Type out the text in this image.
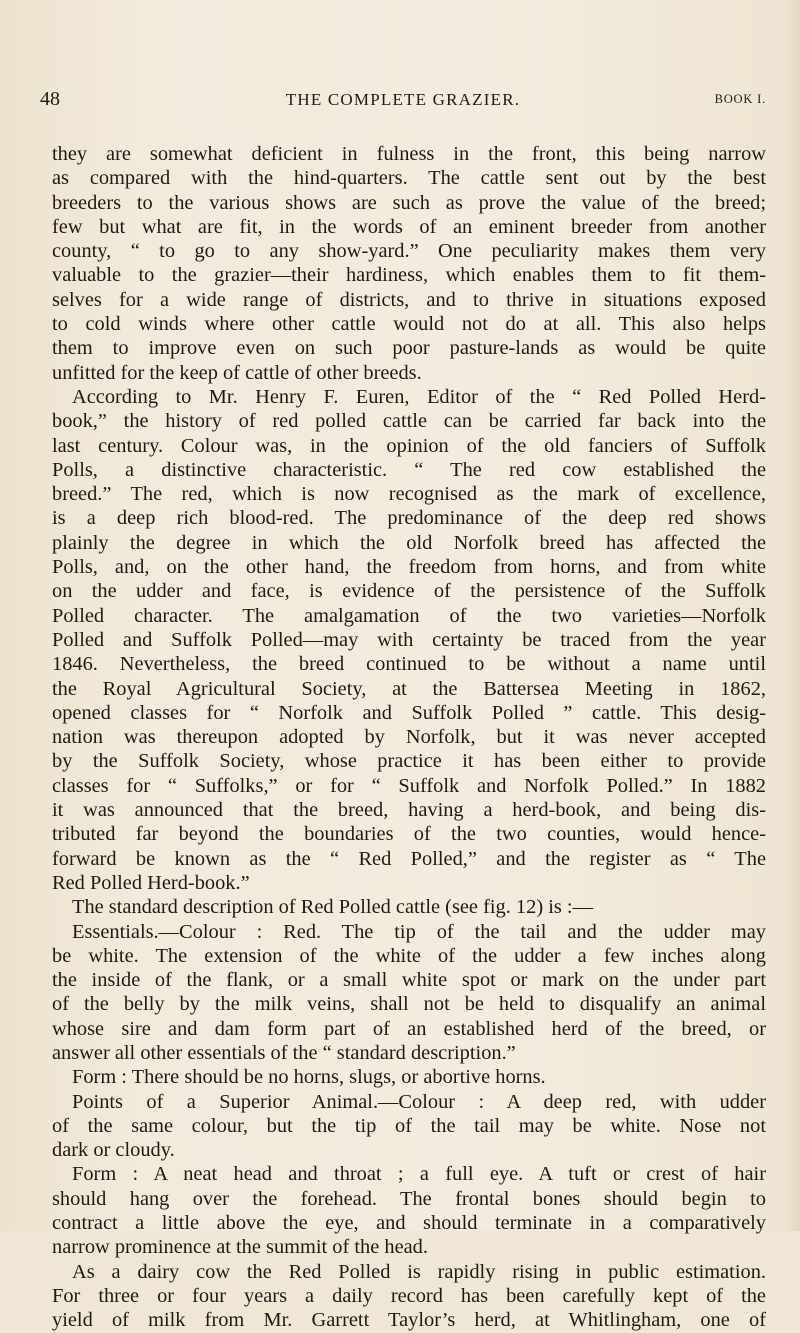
48	THE COMPLETE GRAZIER.	BOOK I.
they are somewhat deficient in fulness in the front, this being narrow
as compared with the hind-quarters. The cattle sent out by the best
breeders to the various shows are such as prove the value of the breed;
few but what are fit, in the words of an eminent breeder from another
county, “ to go to any show-yard.” One peculiarity makes them very
valuable to the grazier—their hardiness, which enables them to fit them-
selves for a wide range of districts, and to thrive in situations exposed
to cold winds where other cattle would not do at all. This also helps
them to improve even on such poor pasture-lands as would be quite
unfitted for the keep of cattle of other breeds.
According to Mr. Henry F. Euren, Editor of the “ Red Polled Herd-
book,” the history of red polled cattle can be carried far back into the
last century. Colour was, in the opinion of the old fanciers of Suffolk
Polls, a distinctive characteristic. “ The red cow established the
breed.” The red, which is now recognised as the mark of excellence,
is a deep rich blood-red. The predominance of the deep red shows
plainly the degree in which the old Norfolk breed has affected the
Polls, and, on the other hand, the freedom from horns, and from white
on the udder and face, is evidence of the persistence of the Suffolk
Polled character. The amalgamation of the two varieties—Norfolk
Polled and Suffolk Polled—may with certainty be traced from the year
1846. Nevertheless, the breed continued to be without a name until
the Royal Agricultural Society, at the Battersea Meeting in 1862,
opened classes for “ Norfolk and Suffolk Polled ” cattle. This desig-
nation was thereupon adopted by Norfolk, but it was never accepted
by the Suffolk Society, whose practice it has been either to provide
classes for “ Suffolks,” or for “ Suffolk and Norfolk Polled.” In 1882
it was announced that the breed, having a herd-book, and being dis-
tributed far beyond the boundaries of the two counties, would hence-
forward be known as the “ Red Polled,” and the register as “ The
Red Polled Herd-book.”
The standard description of Red Polled cattle (see fig. 12) is :—
Essentials.—Colour : Red. The tip of the tail and the udder may
be white. The extension of the white of the udder a few inches along
the inside of the flank, or a small white spot or mark on the under part
of the belly by the milk veins, shall not be held to disqualify an animal
whose sire and dam form part of an established herd of the breed, or
answer all other essentials of the “ standard description.”
Form : There should be no horns, slugs, or abortive horns.
Points of a Superior Animal.—Colour : A deep red, with udder
of the same colour, but the tip of the tail may be white. Nose not
dark or cloudy.
Form : A neat head and throat ; a full eye. A tuft or crest of hair
should hang over the forehead. The frontal bones should begin to
contract a little above the eye, and should terminate in a comparatively
narrow prominence at the summit of the head.
As a dairy cow the Red Polled is rapidly rising in public estimation.
For three or four years a daily record has been carefully kept of the
yield of milk from Mr. Garrett Taylor’s herd, at Whitlingham, one of
